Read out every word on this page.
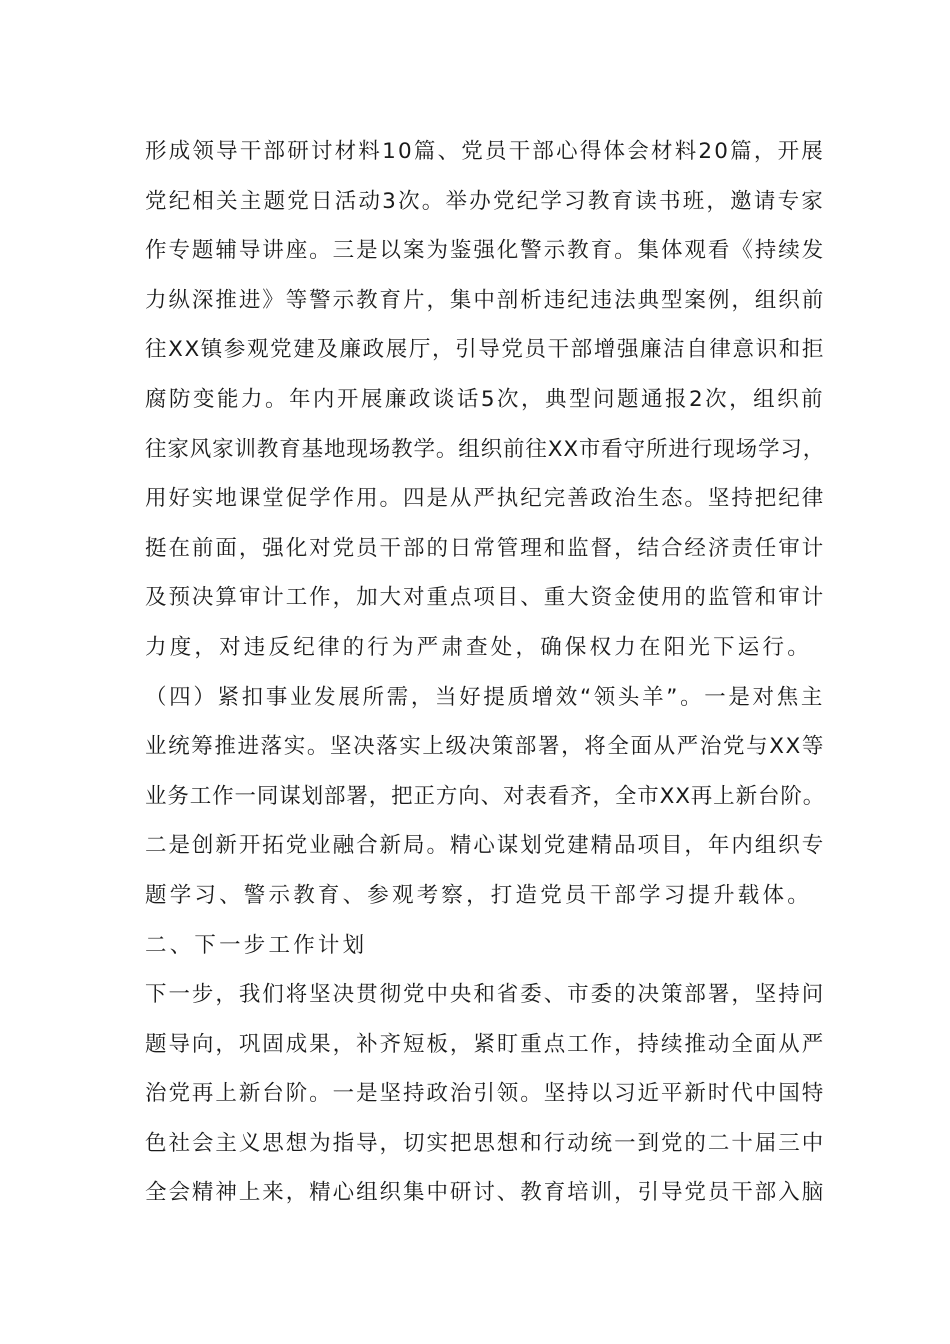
形成领导干部研讨材料10篇、党员干部心得体会材料20篇，开展
党纪相关主题党日活动3次。举办党纪学习教育读书班，邀请专家
作专题辅导讲座。三是以案为鉴强化警示教育。集体观看《持续发
力纵深推进》等警示教育片，集中剖析违纪违法典型案例，组织前
往XX镇参观党建及廉政展厅，引导党员干部增强廉洁自律意识和拒
腐防变能力。年内开展廉政谈话5次，典型问题通报2次，组织前
往家风家训教育基地现场教学。组织前往XX市看守所进行现场学习，
用好实地课堂促学作用。四是从严执纪完善政治生态。坚持把纪律
挺在前面，强化对党员干部的日常管理和监督，结合经济责任审计
及预决算审计工作，加大对重点项目、重大资金使用的监管和审计
力度，对违反纪律的行为严肃查处，确保权力在阳光下运行。
（四）紧扣事业发展所需，当好提质增效“领头羊”。一是对焦主
业统筹推进落实。坚决落实上级决策部署，将全面从严治党与XX等
业务工作一同谋划部署，把正方向、对表看齐，全市XX再上新台阶。
二是创新开拓党业融合新局。精心谋划党建精品项目，年内组织专
题学习、警示教育、参观考察，打造党员干部学习提升载体。
二、下一步工作计划
下一步，我们将坚决贯彻党中央和省委、市委的决策部署，坚持问
题导向，巩固成果，补齐短板，紧盯重点工作，持续推动全面从严
治党再上新台阶。一是坚持政治引领。坚持以习近平新时代中国特
色社会主义思想为指导，切实把思想和行动统一到党的二十届三中
全会精神上来，精心组织集中研讨、教育培训，引导党员干部入脑
